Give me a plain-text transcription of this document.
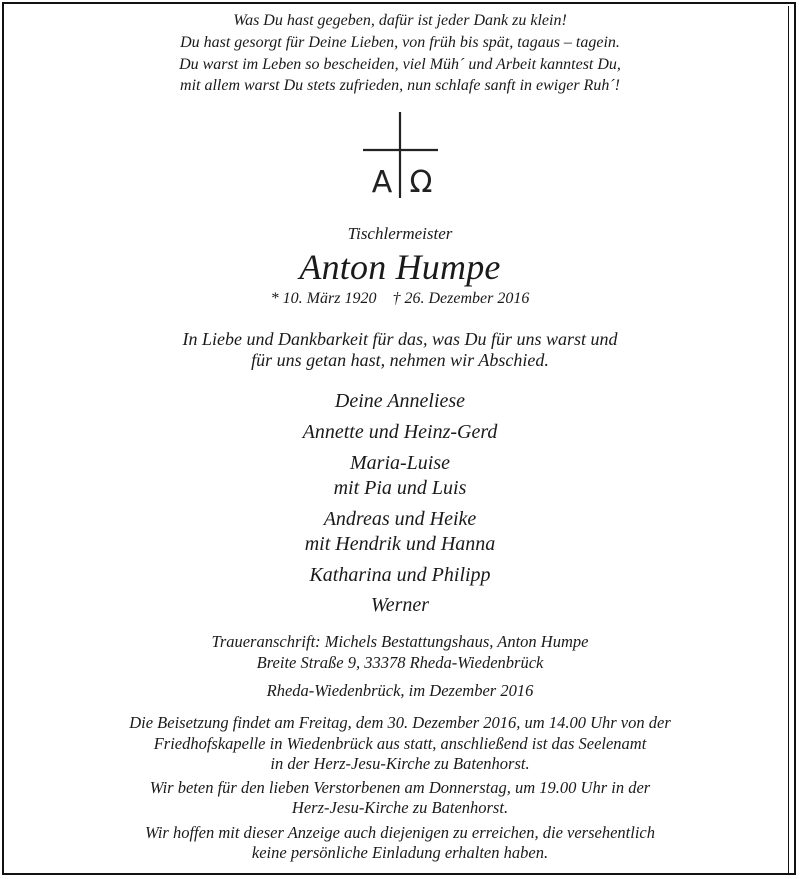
Was Du hast gegeben, dafür ist jeder Dank zu klein!
Du hast gesorgt für Deine Lieben, von früh bis spät, tagaus – tagein.
Du warst im Leben so bescheiden, viel Müh´ und Arbeit kanntest Du,
mit allem warst Du stets zufrieden, nun schlafe sanft in ewiger Ruh´!
A Ω
Tischlermeister
Anton Humpe
* 10. März 1920    † 26. Dezember 2016
In Liebe und Dankbarkeit für das, was Du für uns warst und
für uns getan hast, nehmen wir Abschied.
Deine Anneliese
Annette und Heinz-Gerd
Maria-Luise
mit Pia und Luis
Andreas und Heike
mit Hendrik und Hanna
Katharina und Philipp
Werner
Traueranschrift: Michels Bestattungshaus, Anton Humpe
Breite Straße 9, 33378 Rheda-Wiedenbrück
Rheda-Wiedenbrück, im Dezember 2016
Die Beisetzung findet am Freitag, dem 30. Dezember 2016, um 14.00 Uhr von der
Friedhofskapelle in Wiedenbrück aus statt, anschließend ist das Seelenamt
in der Herz-Jesu-Kirche zu Batenhorst.
Wir beten für den lieben Verstorbenen am Donnerstag, um 19.00 Uhr in der
Herz-Jesu-Kirche zu Batenhorst.
Wir hoffen mit dieser Anzeige auch diejenigen zu erreichen, die versehentlich
keine persönliche Einladung erhalten haben.
